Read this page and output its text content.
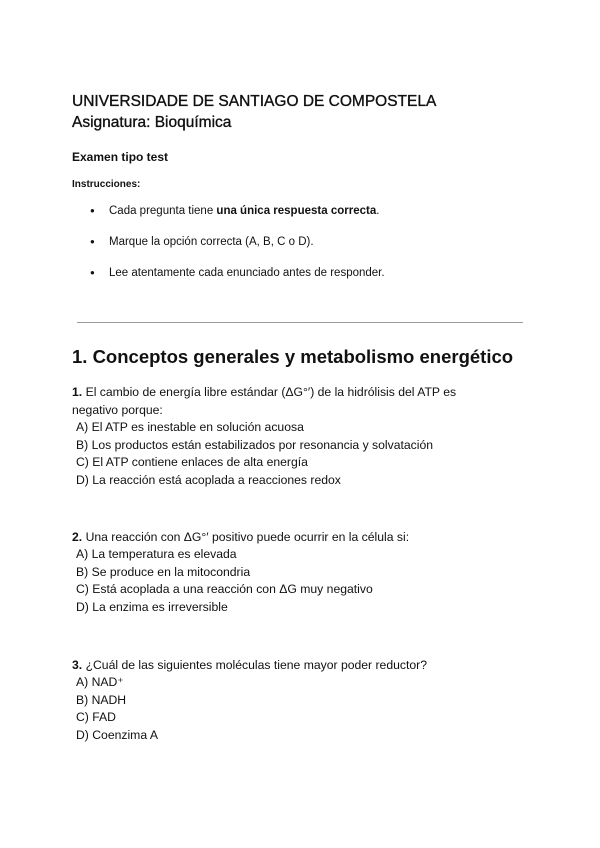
UNIVERSIDADE DE SANTIAGO DE COMPOSTELA
Asignatura: Bioquímica
Examen tipo test
Instrucciones:
● Cada pregunta tiene una única respuesta correcta.
● Marque la opción correcta (A, B, C o D).
● Lee atentamente cada enunciado antes de responder.
1. Conceptos generales y metabolismo energético
1. El cambio de energía libre estándar (ΔG°′) de la hidrólisis del ATP es negativo porque:
A) El ATP es inestable en solución acuosa
B) Los productos están estabilizados por resonancia y solvatación
C) El ATP contiene enlaces de alta energía
D) La reacción está acoplada a reacciones redox
2. Una reacción con ΔG°′ positivo puede ocurrir en la célula si:
A) La temperatura es elevada
B) Se produce en la mitocondria
C) Está acoplada a una reacción con ΔG muy negativo
D) La enzima es irreversible
3. ¿Cuál de las siguientes moléculas tiene mayor poder reductor?
A) NAD⁺
B) NADH
C) FAD
D) Coenzima A
